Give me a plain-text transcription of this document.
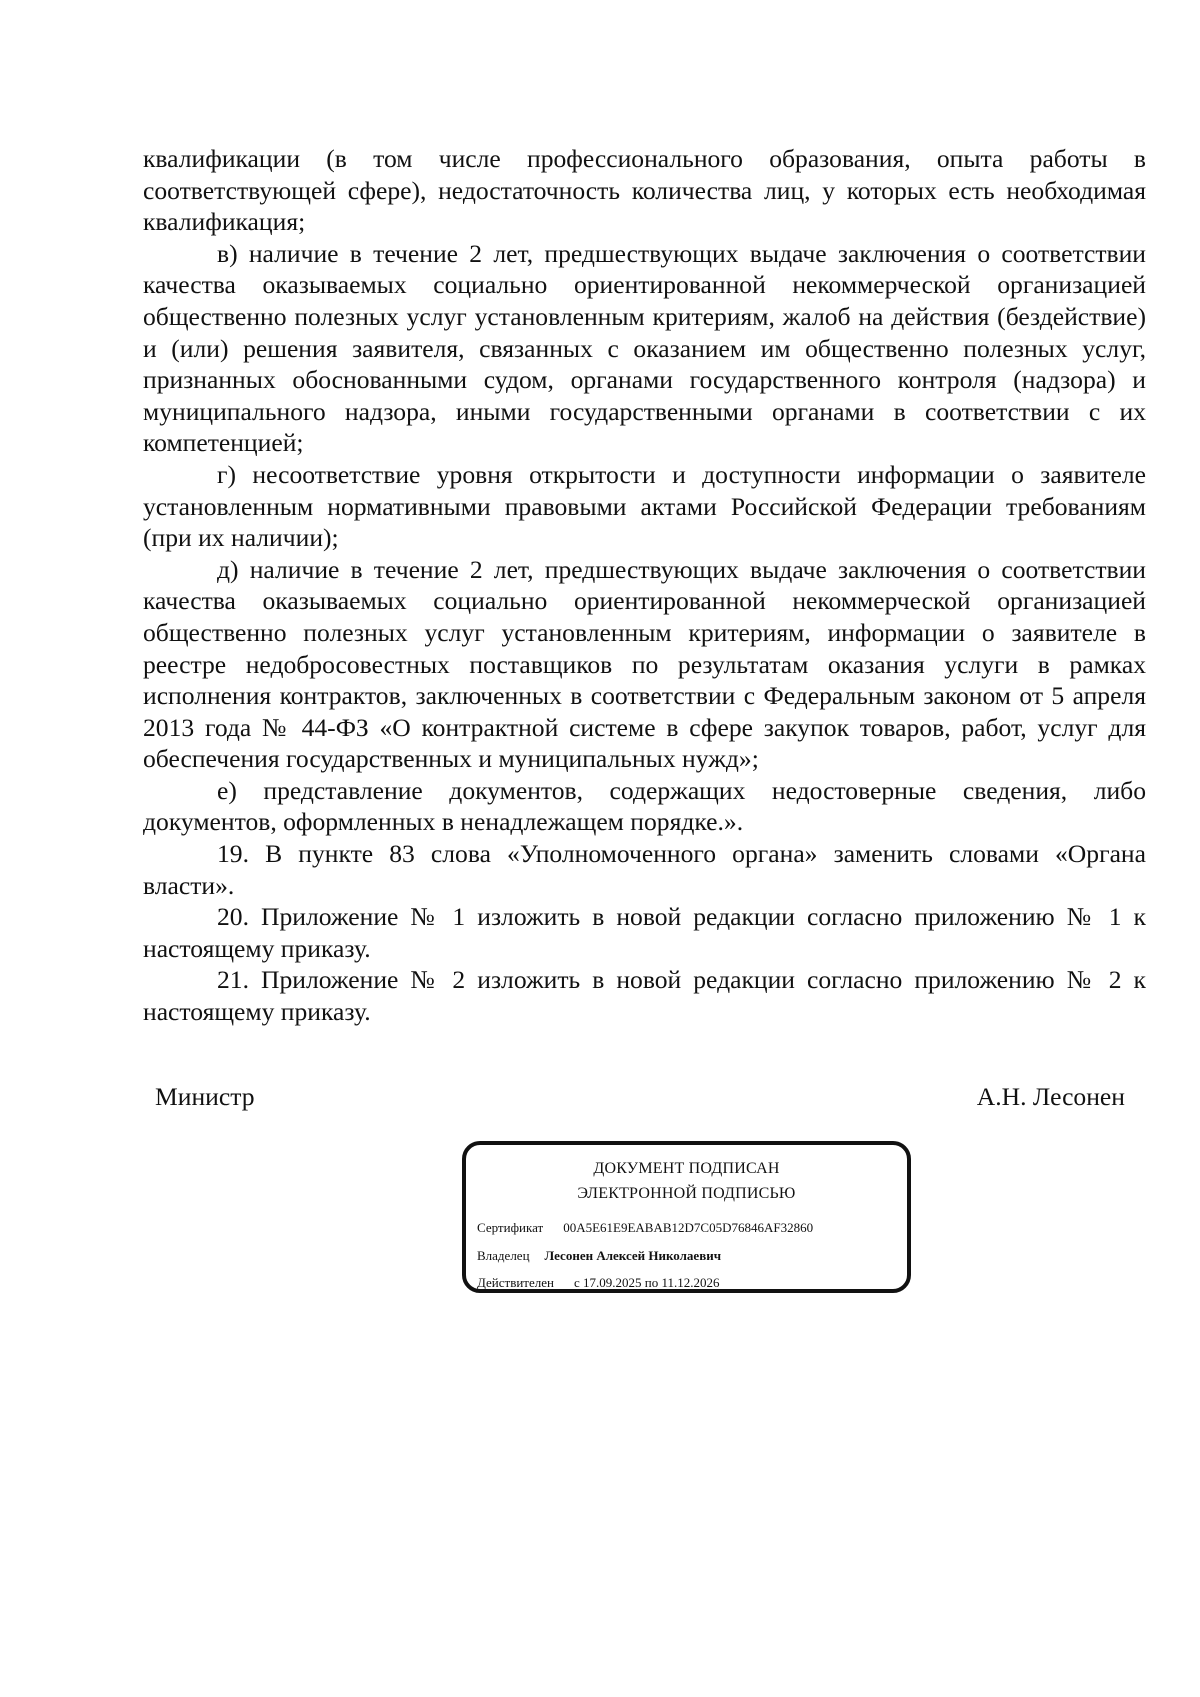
квалификации (в том числе профессионального образования, опыта работы в соответствующей сфере), недостаточность количества лиц, у которых есть необходимая квалификация;

в) наличие в течение 2 лет, предшествующих выдаче заключения о соответствии качества оказываемых социально ориентированной некоммерческой организацией общественно полезных услуг установленным критериям, жалоб на действия (бездействие) и (или) решения заявителя, связанных с оказанием им общественно полезных услуг, признанных обоснованными судом, органами государственного контроля (надзора) и муниципального надзора, иными государственными органами в соответствии с их компетенцией;

г) несоответствие уровня открытости и доступности информации о заявителе установленным нормативными правовыми актами Российской Федерации требованиям (при их наличии);

д) наличие в течение 2 лет, предшествующих выдаче заключения о соответствии качества оказываемых социально ориентированной некоммерческой организацией общественно полезных услуг установленным критериям, информации о заявителе в реестре недобросовестных поставщиков по результатам оказания услуги в рамках исполнения контрактов, заключенных в соответствии с Федеральным законом от 5 апреля 2013 года № 44-ФЗ «О контрактной системе в сфере закупок товаров, работ, услуг для обеспечения государственных и муниципальных нужд»;

е) представление документов, содержащих недостоверные сведения, либо документов, оформленных в ненадлежащем порядке.».

19. В пункте 83 слова «Уполномоченного органа» заменить словами «Органа власти».

20. Приложение № 1 изложить в новой редакции согласно приложению № 1 к настоящему приказу.

21. Приложение № 2 изложить в новой редакции согласно приложению № 2 к настоящему приказу.

Министр	А.Н. Лесонен
ДОКУМЕНТ ПОДПИСАН
ЭЛЕКТРОННОЙ ПОДПИСЬЮ
Сертификат 00A5E61E9EABAB12D7C05D76846AF32860
Владелец Лесонен Алексей Николаевич
Действителен с 17.09.2025 по 11.12.2026
